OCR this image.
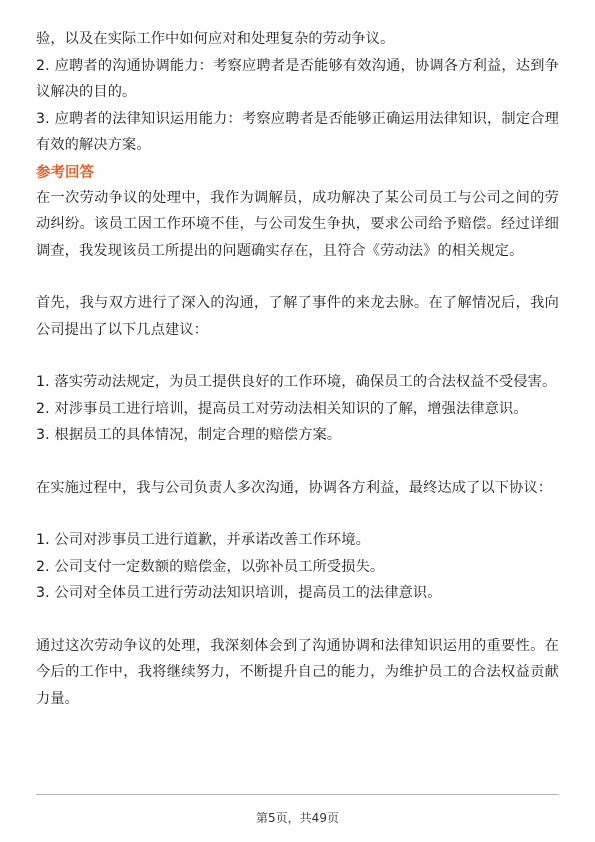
验，以及在实际工作中如何应对和处理复杂的劳动争议。

2. 应聘者的沟通协调能力：考察应聘者是否能够有效沟通，协调各方利益，达到争议解决的目的。

3. 应聘者的法律知识运用能力：考察应聘者是否能够正确运用法律知识，制定合理有效的解决方案。

参考回答

在一次劳动争议的处理中，我作为调解员，成功解决了某公司员工与公司之间的劳动纠纷。该员工因工作环境不佳，与公司发生争执，要求公司给予赔偿。经过详细调查，我发现该员工所提出的问题确实存在，且符合《劳动法》的相关规定。

首先，我与双方进行了深入的沟通，了解了事件的来龙去脉。在了解情况后，我向公司提出了以下几点建议：

1. 落实劳动法规定，为员工提供良好的工作环境，确保员工的合法权益不受侵害。

2. 对涉事员工进行培训，提高员工对劳动法相关知识的了解，增强法律意识。

3. 根据员工的具体情况，制定合理的赔偿方案。

在实施过程中，我与公司负责人多次沟通，协调各方利益，最终达成了以下协议：

1. 公司对涉事员工进行道歉，并承诺改善工作环境。

2. 公司支付一定数额的赔偿金，以弥补员工所受损失。

3. 公司对全体员工进行劳动法知识培训，提高员工的法律意识。

通过这次劳动争议的处理，我深刻体会到了沟通协调和法律知识运用的重要性。在今后的工作中，我将继续努力，不断提升自己的能力，为维护员工的合法权益贡献力量。

第5页，共49页
